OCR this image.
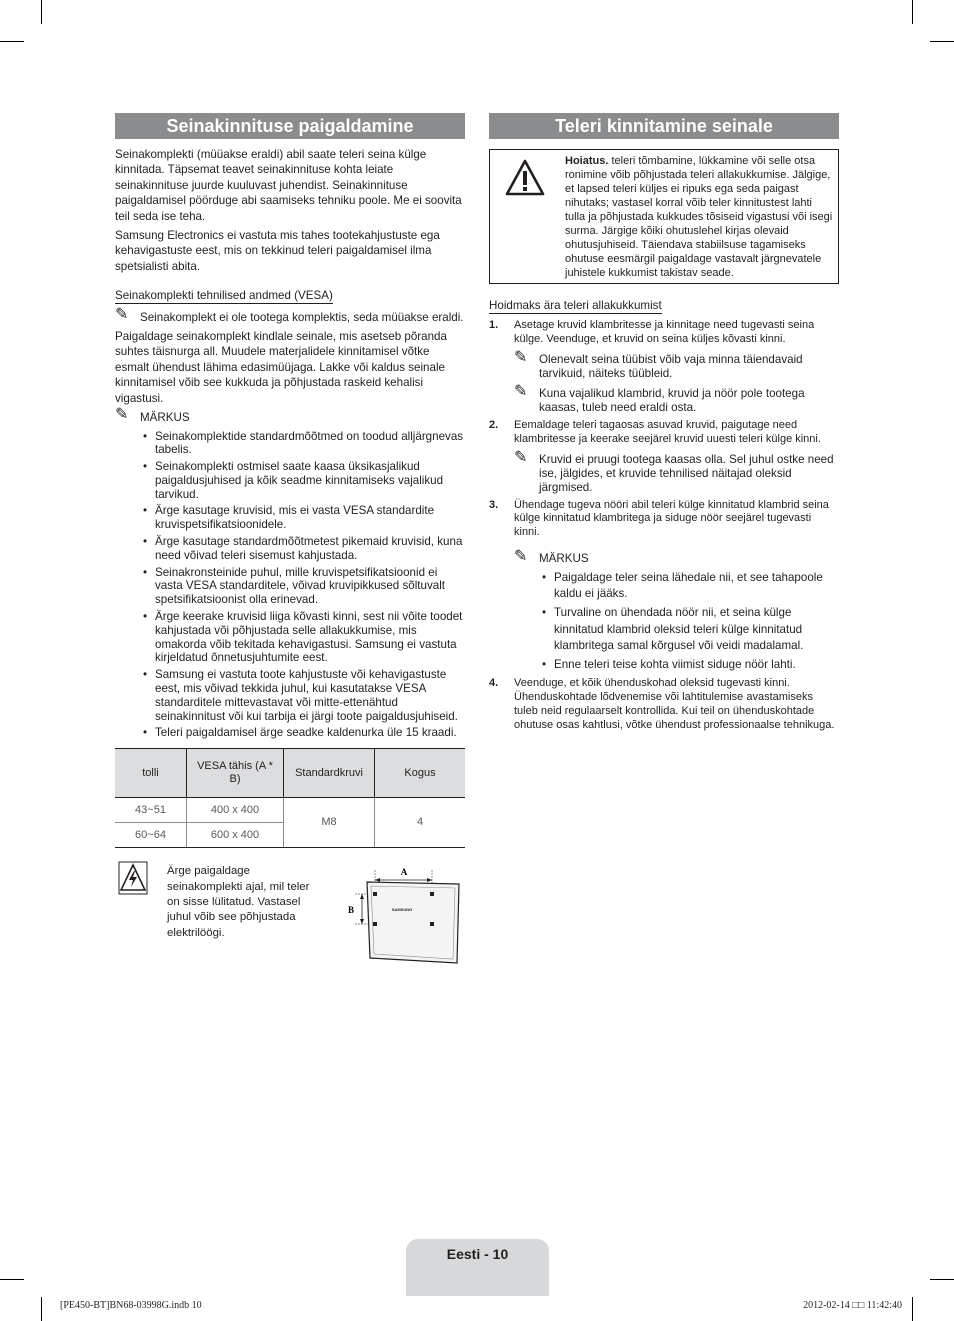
Seinakinnituse paigaldamine

Seinakomplekti (müüakse eraldi) abil saate teleri seina külge kinnitada. Täpsemat teavet seinakinnituse kohta leiate seinakinnituse juurde kuuluvast juhendist. Seinakinnituse paigaldamisel pöörduge abi saamiseks tehniku poole. Me ei soovita teil seda ise teha.

Samsung Electronics ei vastuta mis tahes tootekahjustuste ega kehavigastuste eest, mis on tekkinud teleri paigaldamisel ilma spetsialisti abita.

Seinakomplekti tehnilised andmed (VESA)
✎ Seinakomplekt ei ole tootega komplektis, seda müüakse eraldi.

Paigaldage seinakomplekt kindlale seinale, mis asetseb põranda suhtes täisnurga all. Muudele materjalidele kinnitamisel võtke esmalt ühendust lähima edasimüüjaga. Lakke või kaldus seinale kinnitamisel võib see kukkuda ja põhjustada raskeid kehalisi vigastusi.

✎ MÄRKUS
• Seinakomplektide standardmõõtmed on toodud alljärgnevas tabelis.
• Seinakomplekti ostmisel saate kaasa üksikasjalikud paigaldusjuhised ja kõik seadme kinnitamiseks vajalikud tarvikud.
• Ärge kasutage kruvisid, mis ei vasta VESA standardite kruvispetsifikatsioonidele.
• Ärge kasutage standardmõõtmetest pikemaid kruvisid, kuna need võivad teleri sisemust kahjustada.
• Seinakronsteinide puhul, mille kruvispetsifikatsioonid ei vasta VESA standarditele, võivad kruvipikkused sõltuvalt spetsifikatsioonist olla erinevad.
• Ärge keerake kruvisid liiga kõvasti kinni, sest nii võite toodet kahjustada või põhjustada selle allakukkumise, mis omakorda võib tekitada kehavigastusi. Samsung ei vastuta kirjeldatud õnnetusjuhtumite eest.
• Samsung ei vastuta toote kahjustuste või kehavigastuste eest, mis võivad tekkida juhul, kui kasutatakse VESA standarditele mittevastavat või mitte-ettenähtud seinakinnitust või kui tarbija ei järgi toote paigaldusjuhiseid.
• Teleri paigaldamisel ärge seadke kaldenurka üle 15 kraadi.
tolli	VESA tähis (A * B)	Standardkruvi	Kogus
43~51	400 x 400	M8	4
60~64	600 x 400		
Ärge paigaldage seinakomplekti ajal, mil teler on sisse lülitatud. Vastasel juhul võib see põhjustada elektrilöögi.
A
B	SAMSUNG
Teleri kinnitamine seinale
Hoiatus. teleri tõmbamine, lükkamine või selle otsa ronimine võib põhjustada teleri allakukkumise. Jälgige, et lapsed teleri küljes ei ripuks ega seda paigast nihutaks; vastasel korral võib teler kinnitustest lahti tulla ja põhjustada kukkudes tõsiseid vigastusi või isegi surma. Järgige kõiki ohutuslehel kirjas olevaid ohutusjuhiseid. Täiendava stabiilsuse tagamiseks ohutuse eesmärgil paigaldage vastavalt järgnevatele juhistele kukkumist takistav seade.
Hoidmaks ära teleri allakukkumist
1. Asetage kruvid klambritesse ja kinnitage need tugevasti seina külge. Veenduge, et kruvid on seina küljes kõvasti kinni.
✎ Olenevalt seina tüübist võib vaja minna täiendavaid tarvikuid, näiteks tüübleid.
✎ Kuna vajalikud klambrid, kruvid ja nöör pole tootega kaasas, tuleb need eraldi osta.
2. Eemaldage teleri tagaosas asuvad kruvid, paigutage need klambritesse ja keerake seejärel kruvid uuesti teleri külge kinni.
✎ Kruvid ei pruugi tootega kaasas olla. Sel juhul ostke need ise, jälgides, et kruvide tehnilised näitajad oleksid järgmised.
3. Ühendage tugeva nööri abil teleri külge kinnitatud klambrid seina külge kinnitatud klambritega ja siduge nöör seejärel tugevasti kinni.
✎ MÄRKUS
• Paigaldage teler seina lähedale nii, et see tahapoole kaldu ei jääks.
• Turvaline on ühendada nöör nii, et seina külge kinnitatud klambrid oleksid teleri külge kinnitatud klambritega samal kõrgusel või veidi madalamal.
• Enne teleri teise kohta viimist siduge nöör lahti.
4. Veenduge, et kõik ühenduskohad oleksid tugevasti kinni. Ühenduskohtade lõdvenemise või lahtitulemise avastamiseks tuleb neid regulaarselt kontrollida. Kui teil on ühenduskohtade ohutuse osas kahtlusi, võtke ühendust professionaalse tehnikuga.
Eesti - 10
[PE450-BT]BN68-03998G.indb 10	2012-02-14 □□ 11:42:40
